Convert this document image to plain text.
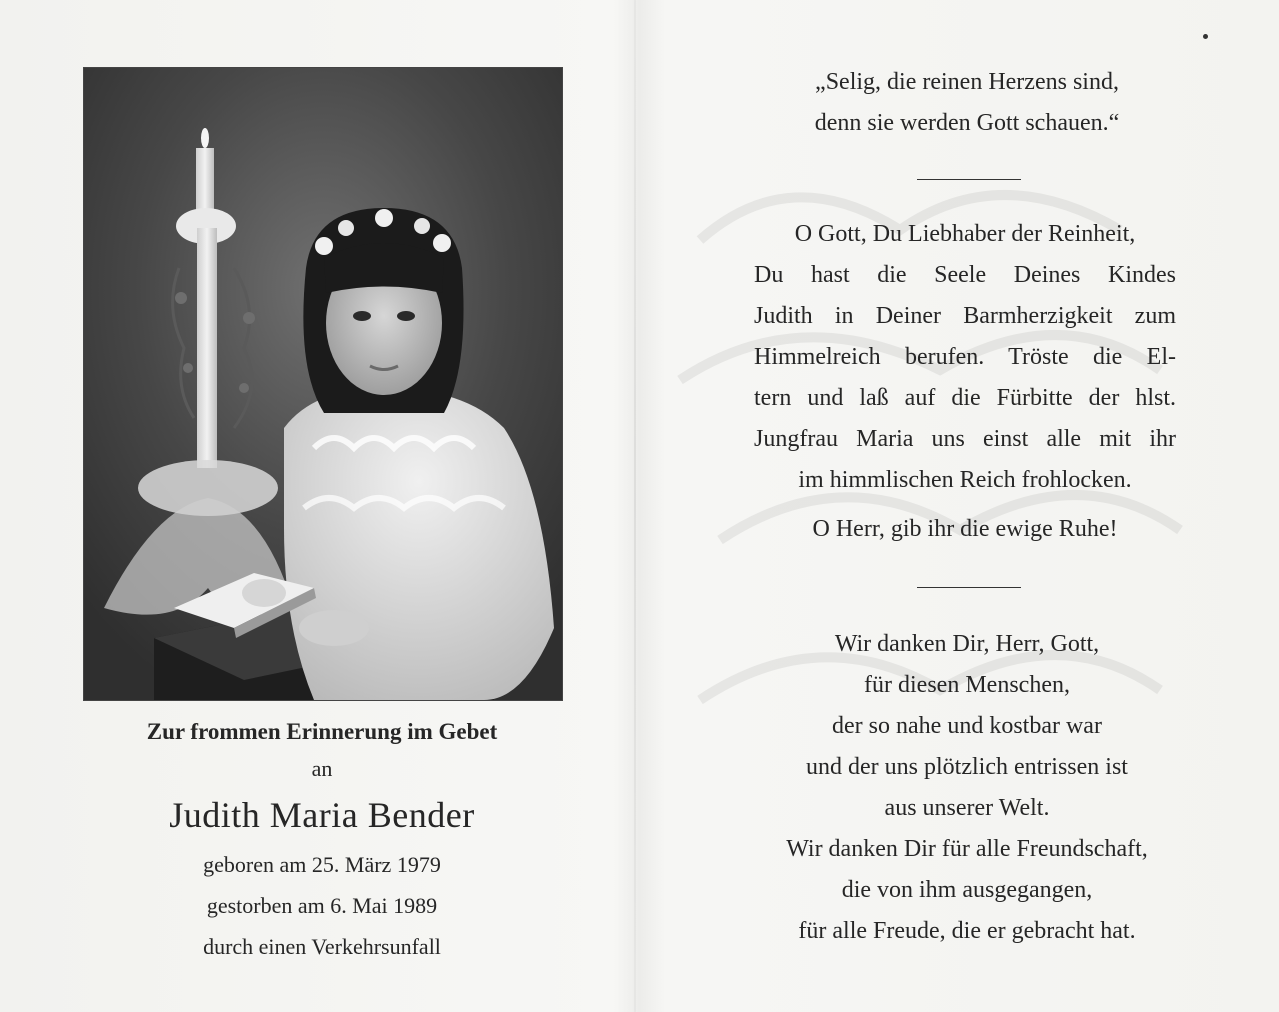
Zur frommen Erinnerung im Gebet

an

Judith Maria Bender

geboren am 25. März 1979

gestorben am 6. Mai 1989

durch einen Verkehrsunfall

„Selig, die reinen Herzens sind,
denn sie werden Gott schauen.“

O Gott, Du Liebhaber der Reinheit,
Du hast die Seele Deines Kindes
Judith in Deiner Barmherzigkeit zum
Himmelreich berufen. Tröste die El-
tern und laß auf die Fürbitte der hlst.
Jungfrau Maria uns einst alle mit ihr
im himmlischen Reich frohlocken.
O Herr, gib ihr die ewige Ruhe!

Wir danken Dir, Herr, Gott,
für diesen Menschen,
der so nahe und kostbar war
und der uns plötzlich entrissen ist
aus unserer Welt.
Wir danken Dir für alle Freundschaft,
die von ihm ausgegangen,
für alle Freude, die er gebracht hat.
